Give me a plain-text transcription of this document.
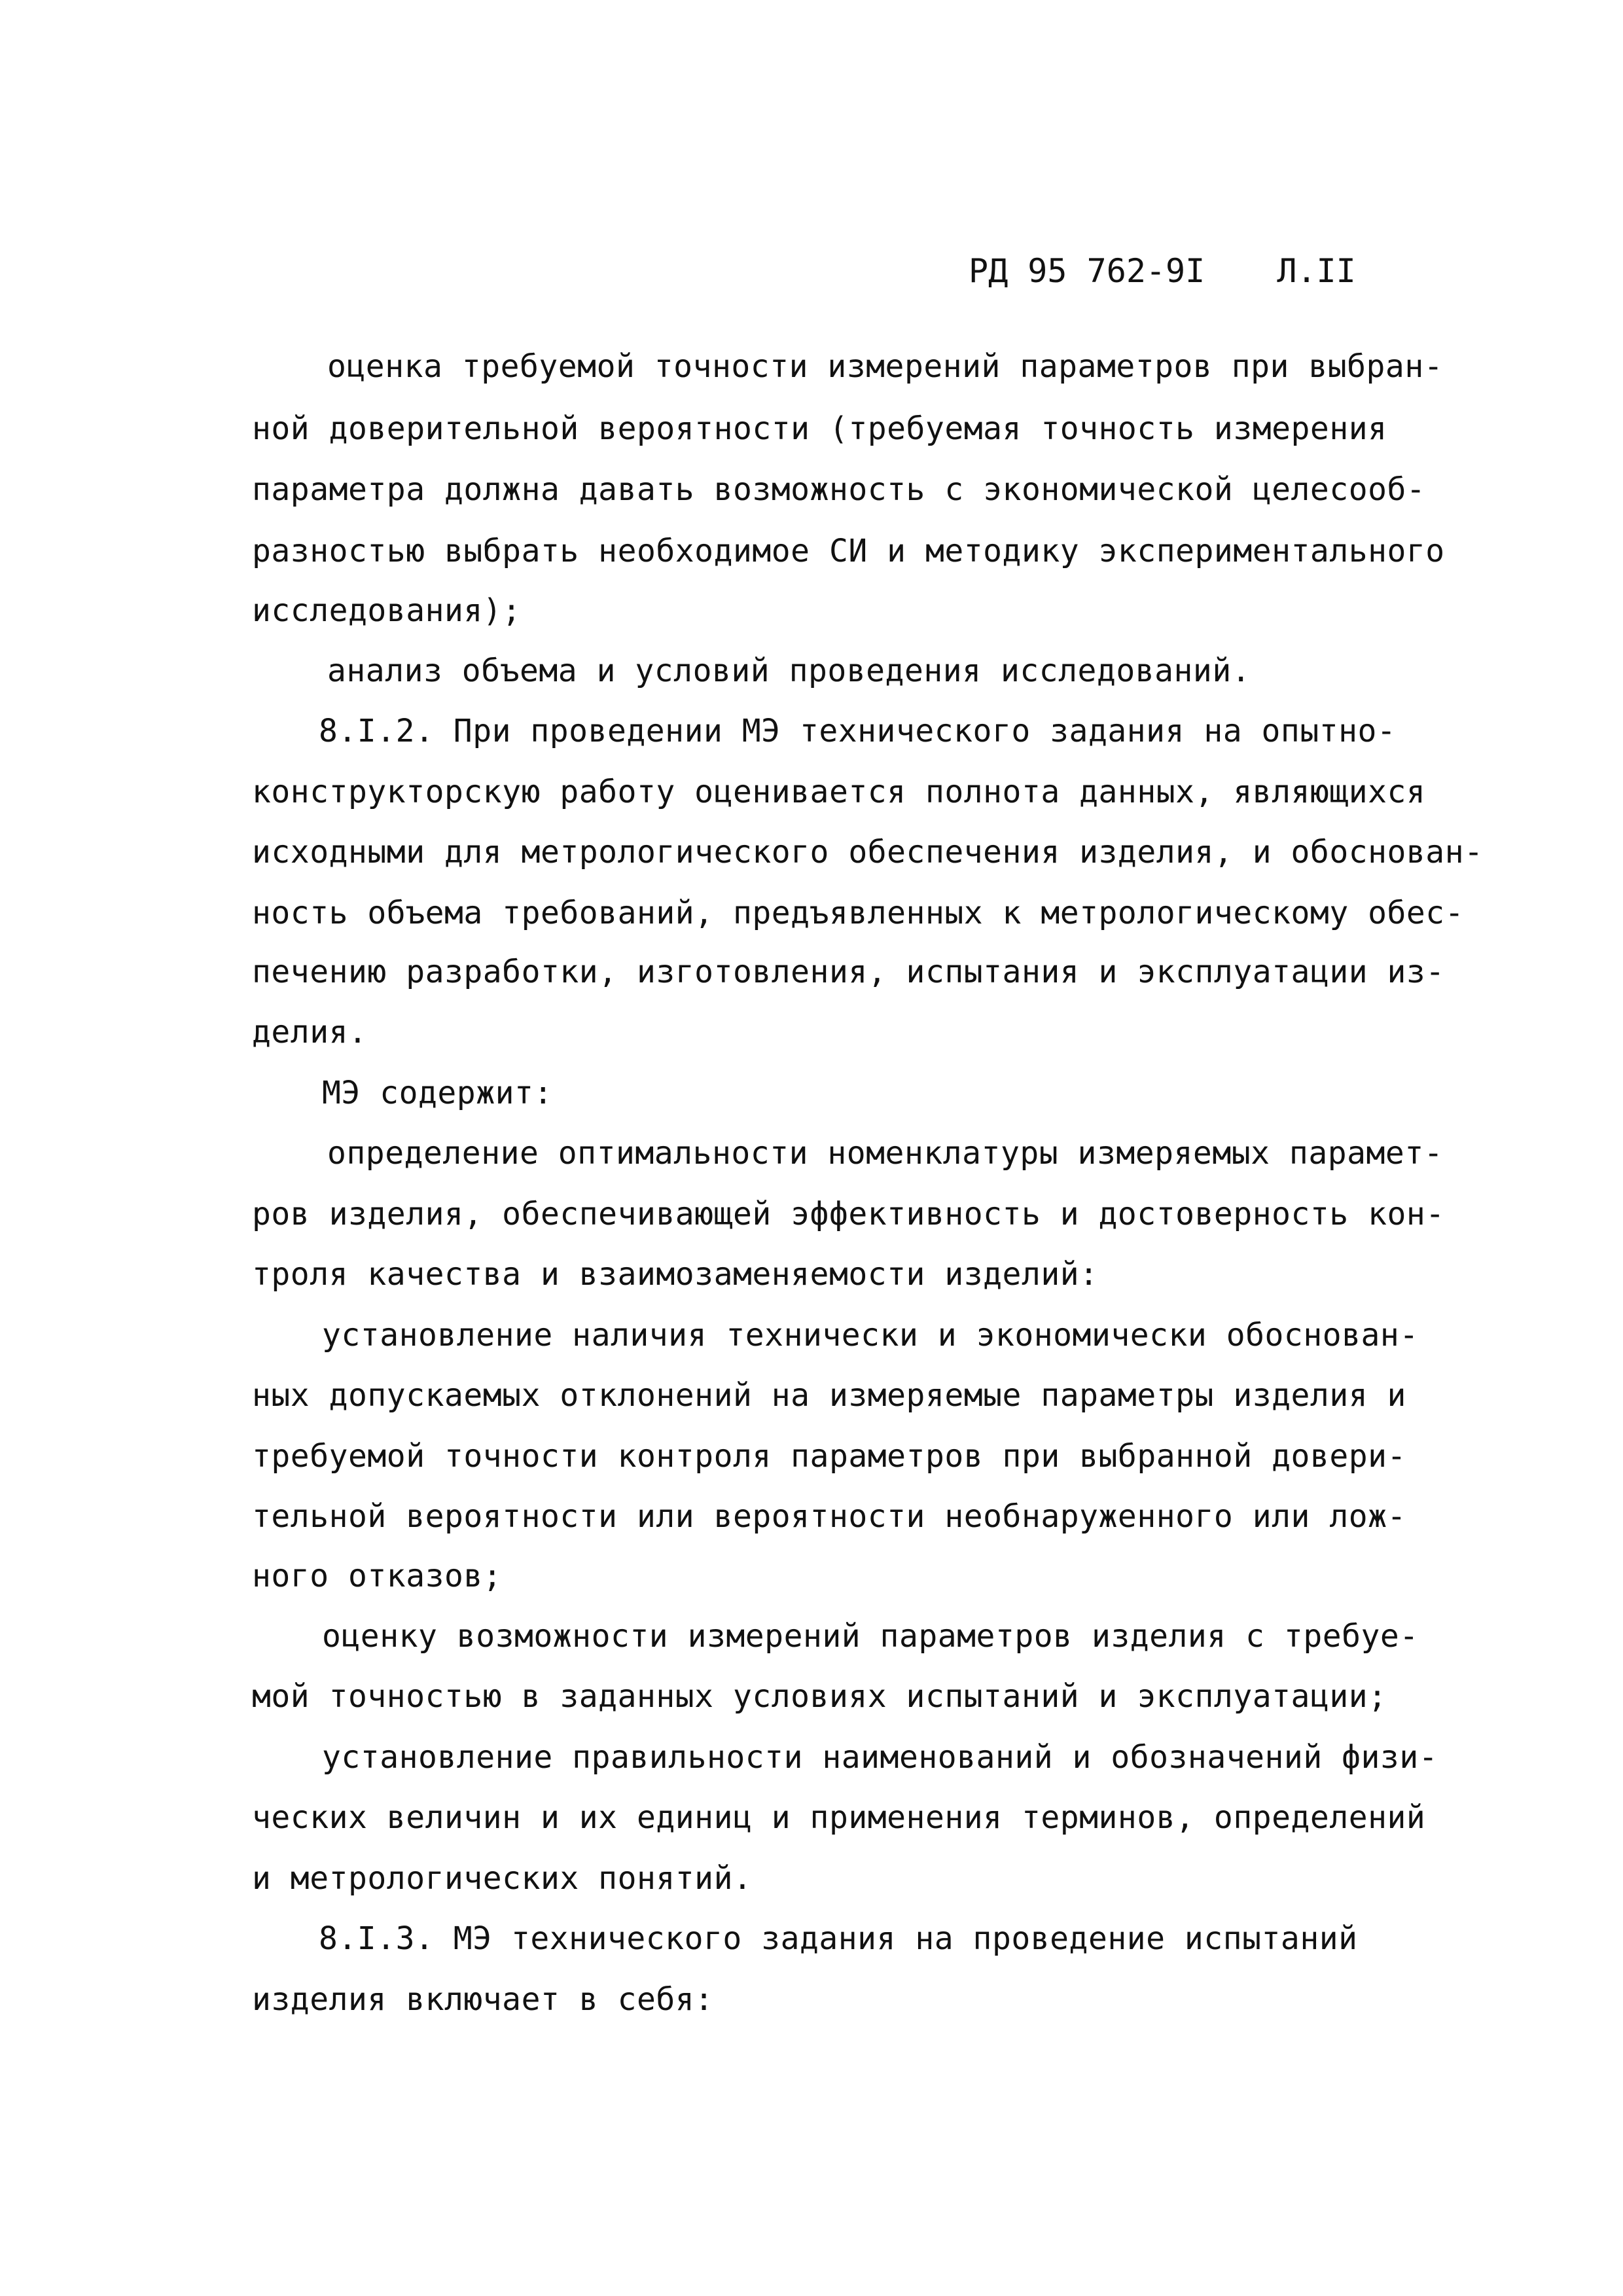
РД 95 762-9I Л.II
оценка требуемой точности измерений параметров при выбран-
ной доверительной вероятности (требуемая точность измерения
параметра должна давать возможность с экономической целесооб-
разностью выбрать необходимое СИ и методику экспериментального
исследования);
анализ объема и условий проведения исследований.
8.I.2. При проведении МЭ технического задания на опытно-
конструкторскую работу оценивается полнота данных, являющихся
исходными для метрологического обеспечения изделия, и обоснован-
ность объема требований, предъявленных к метрологическому обес-
печению разработки, изготовления, испытания и эксплуатации из-
делия.
МЭ содержит:
определение оптимальности номенклатуры измеряемых парамет-
ров изделия, обеспечивающей эффективность и достоверность кон-
троля качества и взаимозаменяемости изделий:
установление наличия технически и экономически обоснован-
ных допускаемых отклонений на измеряемые параметры изделия и
требуемой точности контроля параметров при выбранной довери-
тельной вероятности или вероятности необнаруженного или лож-
ного отказов;
оценку возможности измерений параметров изделия с требуе-
мой точностью в заданных условиях испытаний и эксплуатации;
установление правильности наименований и обозначений физи-
ческих величин и их единиц и применения терминов, определений
и метрологических понятий.
8.I.3. МЭ технического задания на проведение испытаний
изделия включает в себя:
